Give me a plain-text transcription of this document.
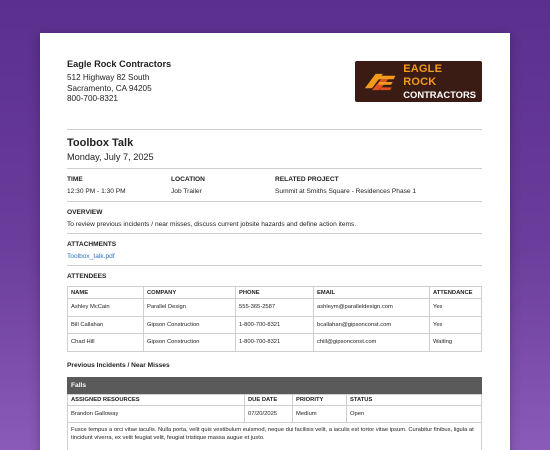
Eagle Rock Contractors
512 Highway 82 South
Sacramento, CA 94205
800-700-8321
EAGLE ROCK
CONTRACTORS
Toolbox Talk
Monday, July 7, 2025
TIME
12:30 PM - 1:30 PM
LOCATION
Job Trailer
RELATED PROJECT
Summit at Smiths Square - Residences Phase 1
OVERVIEW
To review previous incidents / near misses, discuss current jobsite hazards and define action items.
ATTACHMENTS
Toolbox_talk.pdf
ATTENDEES
NAME	COMPANY	PHONE	EMAIL	ATTENDANCE
Ashley McCain	Parallel Design	555-365-2587	ashleym@paralleldesign.com	Yes
Bill Callahan	Gipson Construction	1-800-700-8321	bcallahan@gipsonconst.com	Yes
Chad Hill	Gipson Construction	1-800-700-8321	chill@gipsonconst.com	Waiting
Previous Incidents / Near Misses
Falls
ASSIGNED RESOURCES	DUE DATE	PRIORITY	STATUS
Brandon Galloway	07/20/2025	Medium	Open
Fusce tempus a orci vitae iaculis. Nulla porta, velit quis vestibulum euismod, neque dui facilisis velit, a iaculis est tortor vitae ipsum. Curabitur finibus, ligula at tincidunt viverra, ex velit feugiat velit, feugiat tristique massa augue et justo.			
